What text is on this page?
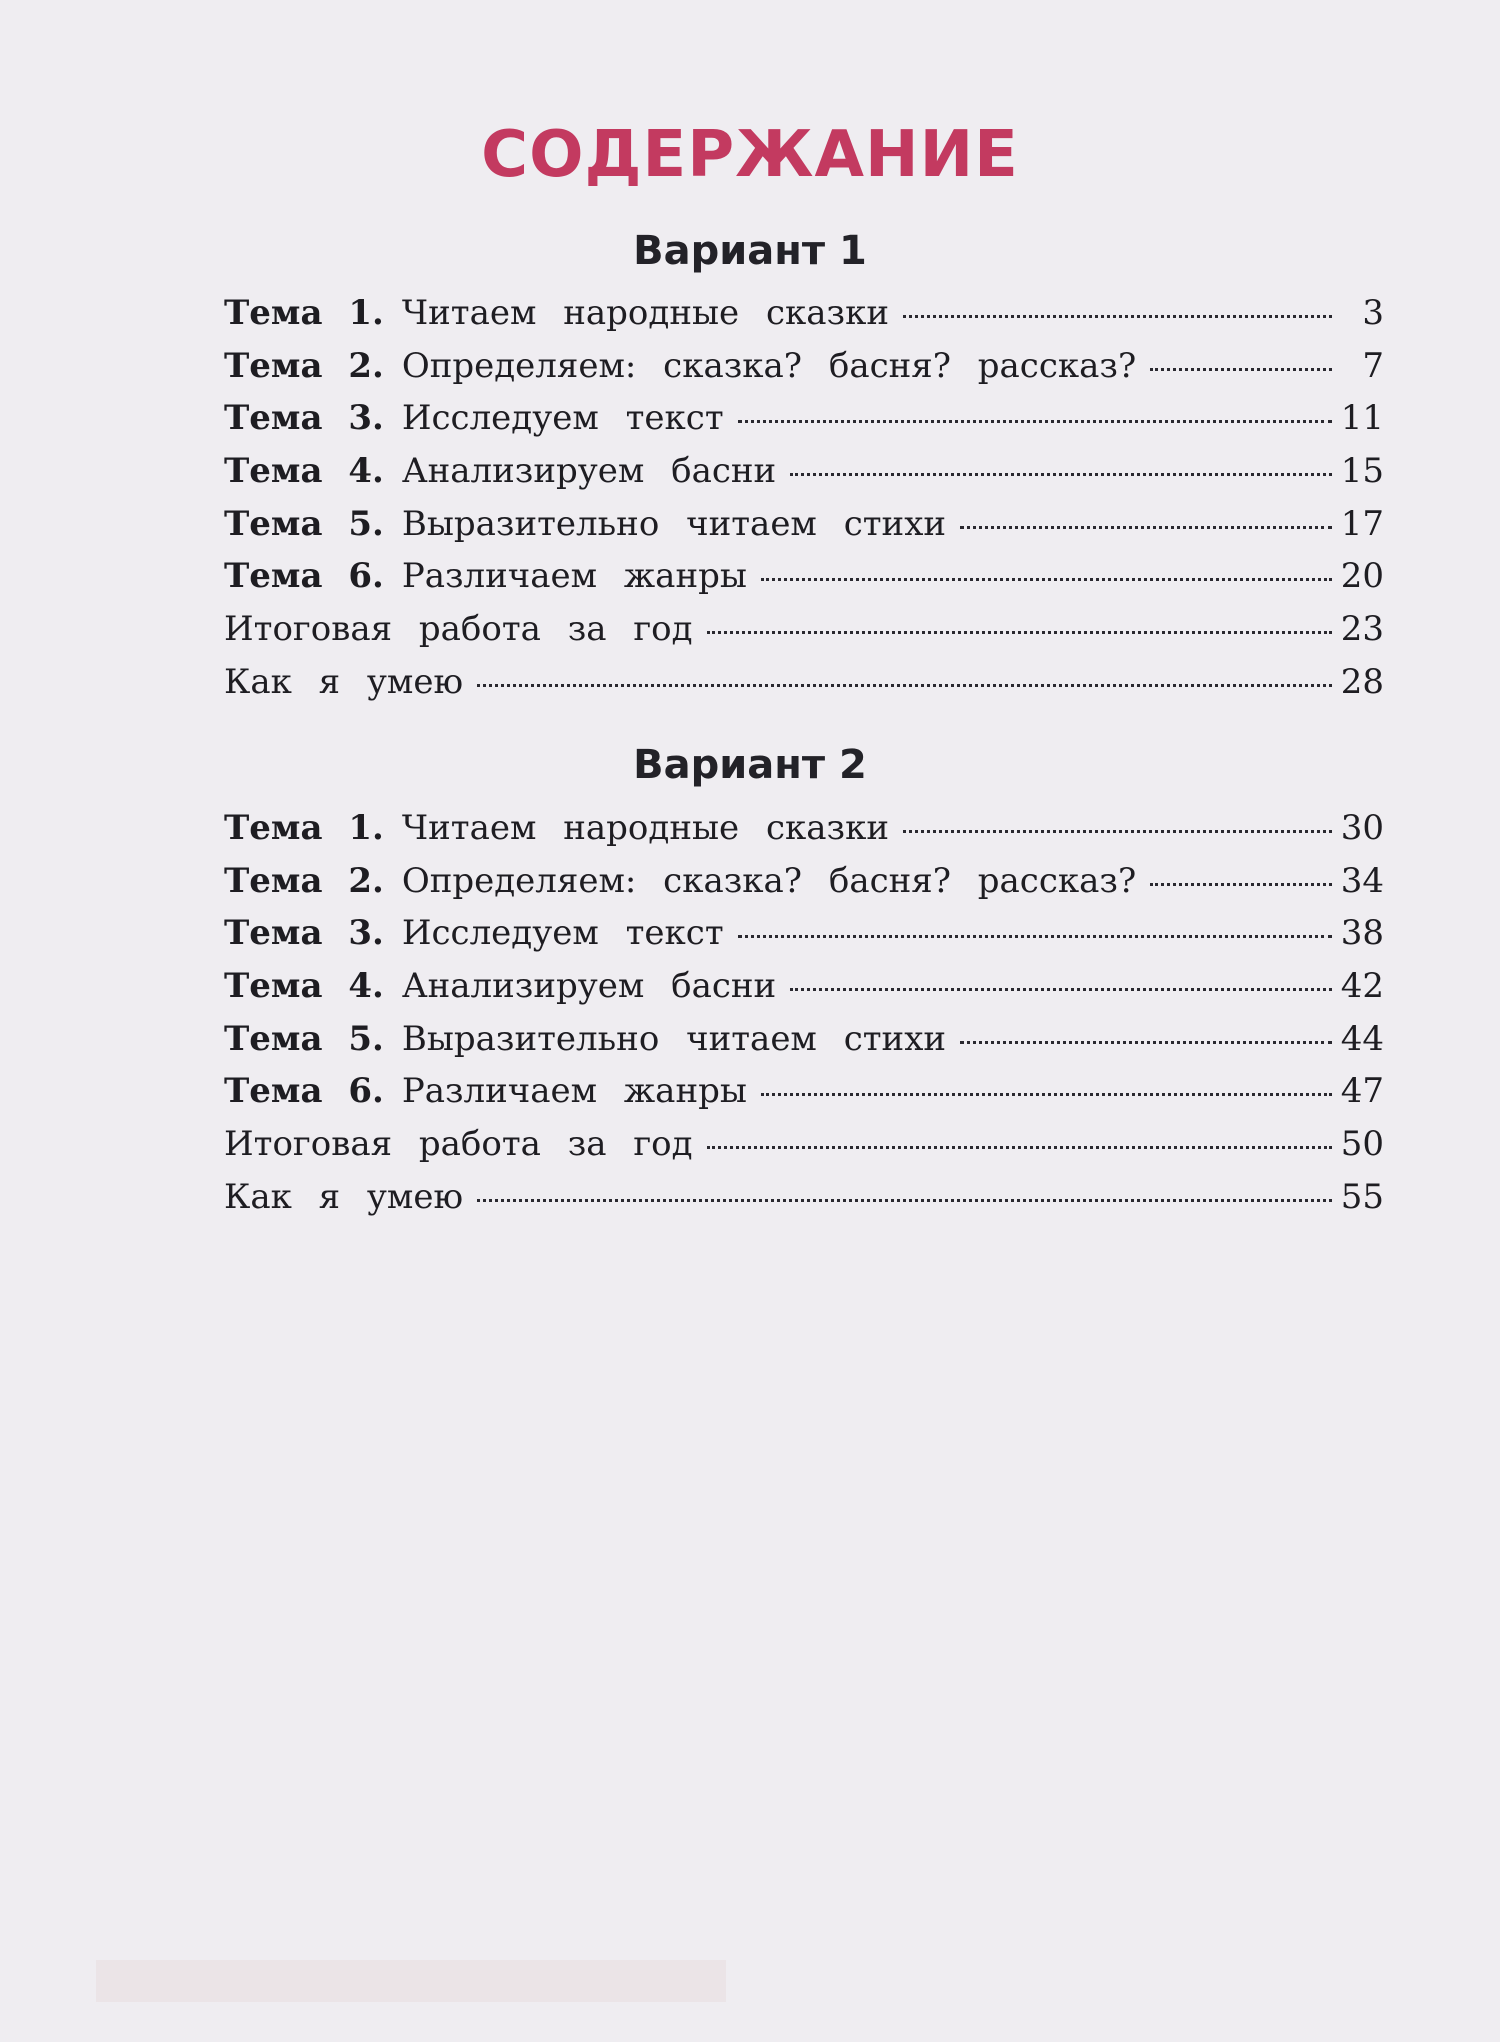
СОДЕРЖАНИЕ
Вариант 1
Тема 1. Читаем народные сказки	3
Тема 2. Определяем: сказка? басня? рассказ?	7
Тема 3. Исследуем текст	11
Тема 4. Анализируем басни	15
Тема 5. Выразительно читаем стихи	17
Тема 6. Различаем жанры	20
Итоговая работа за год	23
Как я умею	28
Вариант 2
Тема 1. Читаем народные сказки	30
Тема 2. Определяем: сказка? басня? рассказ?	34
Тема 3. Исследуем текст	38
Тема 4. Анализируем басни	42
Тема 5. Выразительно читаем стихи	44
Тема 6. Различаем жанры	47
Итоговая работа за год	50
Как я умею	55
